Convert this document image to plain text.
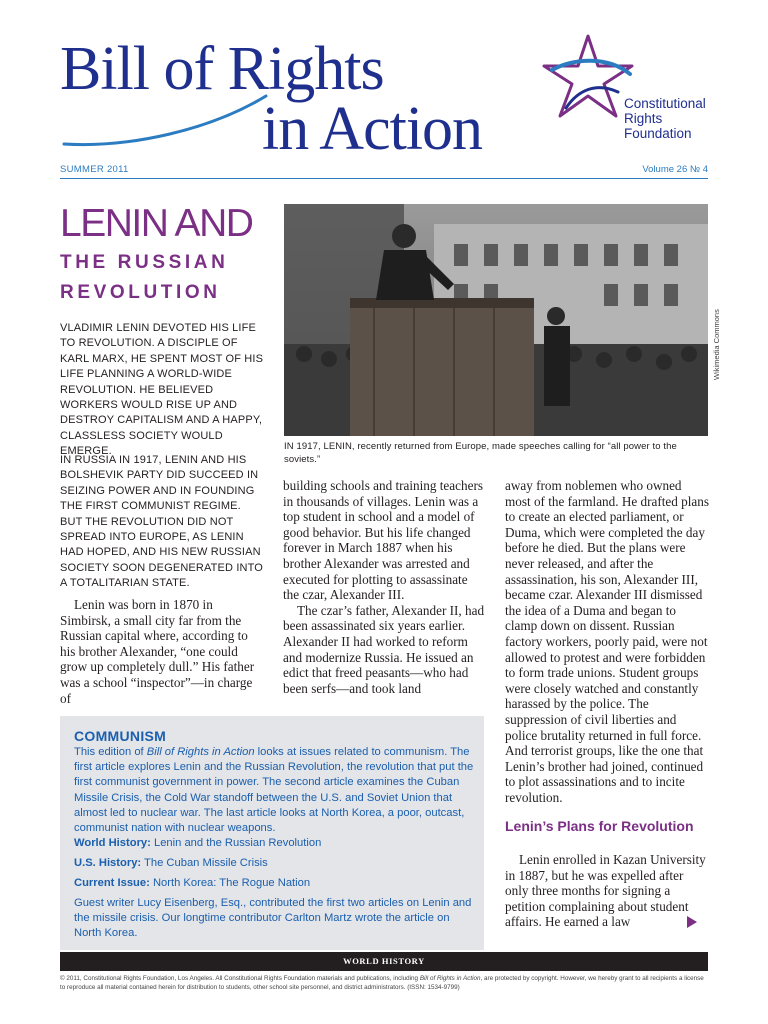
Bill of Rights
in Action	Constitutional
Rights
Foundation
SUMMER 2011	Volume 26 № 4
LENIN AND
THE RUSSIAN
REVOLUTION
VLADIMIR LENIN DEVOTED HIS LIFE TO REVOLUTION. A DISCIPLE OF KARL MARX, HE SPENT MOST OF HIS LIFE PLANNING A WORLD-WIDE REVOLUTION. HE BELIEVED WORKERS WOULD RISE UP AND DESTROY CAPITALISM AND A HAPPY, CLASSLESS SOCIETY WOULD EMERGE.
IN RUSSIA IN 1917, LENIN AND HIS BOLSHEVIK PARTY DID SUCCEED IN SEIZING POWER AND IN FOUNDING THE FIRST COMMUNIST REGIME. BUT THE REVOLUTION DID NOT SPREAD INTO EUROPE, AS LENIN HAD HOPED, AND HIS NEW RUSSIAN SOCIETY SOON DEGENERATED INTO A TOTALITARIAN STATE.
Wikimedia Commons
IN 1917, LENIN, recently returned from Europe, made speeches calling for “all power to the soviets.”

Lenin was born in 1870 in Simbirsk, a small city far from the Russian capital where, according to his brother Alexander, “one could grow up completely dull.” His father was a school “inspector”—in charge of

building schools and training teachers in thousands of villages. Lenin was a top student in school and a model of good behavior. But his life changed forever in March 1887 when his brother Alexander was arrested and executed for plotting to assassinate the czar, Alexander III.

The czar’s father, Alexander II, had been assassinated six years earlier. Alexander II had worked to reform and modernize Russia. He issued an edict that freed peasants—who had been serfs—and took land

away from noblemen who owned most of the farmland. He drafted plans to create an elected parliament, or Duma, which were completed the day before he died. But the plans were never released, and after the assassination, his son, Alexander III, became czar. Alexander III dismissed the idea of a Duma and began to clamp down on dissent. Russian factory workers, poorly paid, were not allowed to protest and were forbidden to form trade unions. Student groups were closely watched and constantly harassed by the police. The suppression of civil liberties and police brutality returned in full force. And terrorist groups, like the one that Lenin’s brother had joined, continued to plot assassinations and to incite revolution.

Lenin’s Plans for Revolution

Lenin enrolled in Kazan University in 1887, but he was expelled after only three months for signing a petition complaining about student affairs. He earned a law

COMMUNISM
This edition of Bill of Rights in Action looks at issues related to communism. The first article explores Lenin and the Russian Revolution, the revolution that put the first communist government in power. The second article examines the Cuban Missile Crisis, the Cold War standoff between the U.S. and Soviet Union that almost led to nuclear war. The last article looks at North Korea, a poor, outcast, communist nation with nuclear weapons.
World History: Lenin and the Russian Revolution
U.S. History: The Cuban Missile Crisis
Current Issue: North Korea: The Rogue Nation
Guest writer Lucy Eisenberg, Esq., contributed the first two articles on Lenin and the missile crisis. Our longtime contributor Carlton Martz wrote the article on North Korea.
WORLD HISTORY
© 2011, Constitutional Rights Foundation, Los Angeles. All Constitutional Rights Foundation materials and publications, including Bill of Rights in Action, are protected by copyright. However, we hereby grant to all recipients a license to reproduce all material contained herein for distribution to students, other school site personnel, and district administrators. (ISSN: 1534-9799)
